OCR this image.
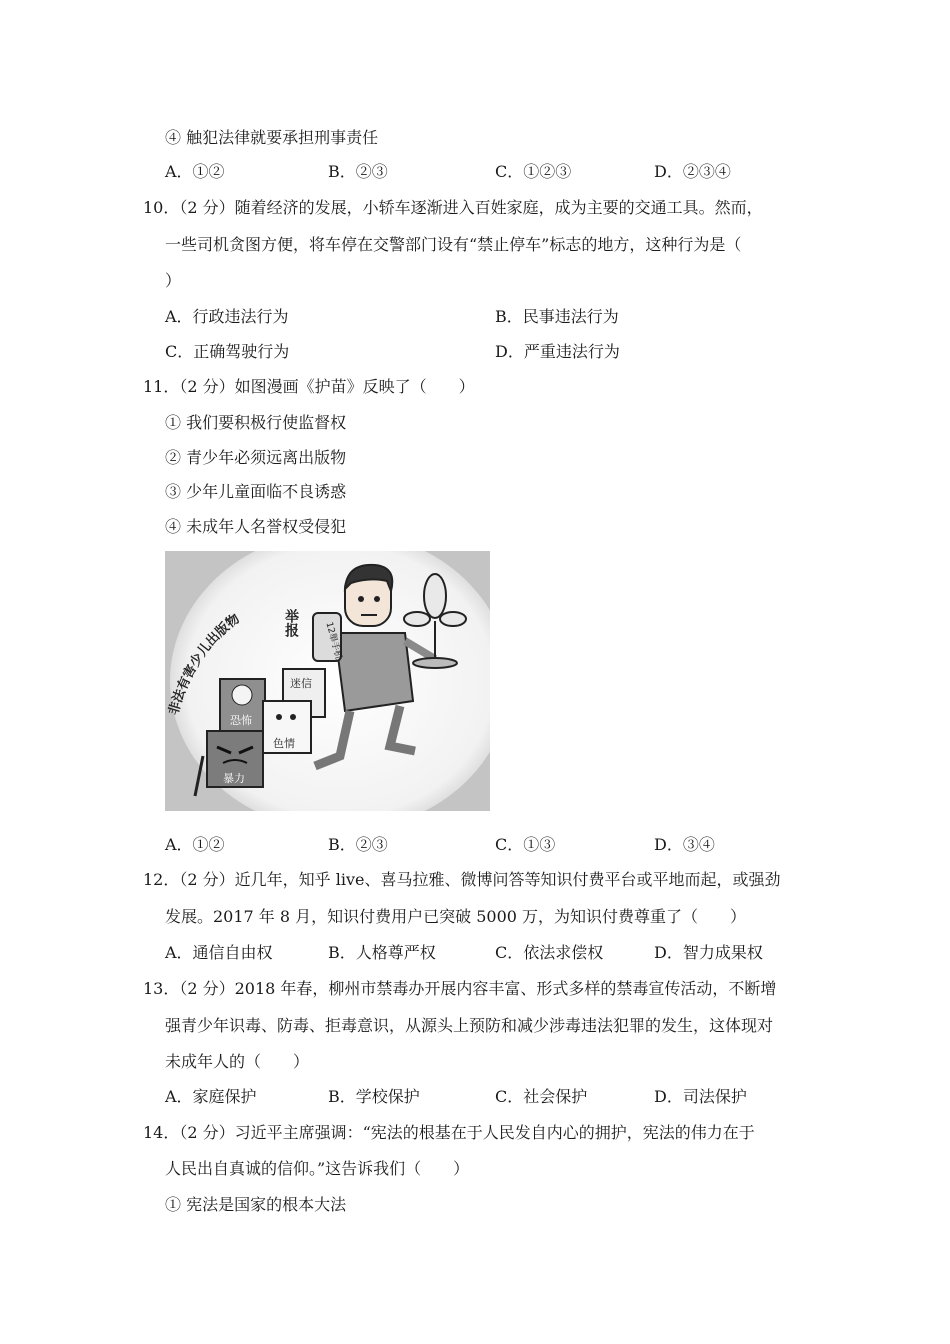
④ 触犯法律就要承担刑事责任
A．①②	B．②③	C．①②③	D．②③④
10．（2 分）随着经济的发展，小轿车逐渐进入百姓家庭，成为主要的交通工具。然而，
一些司机贪图方便，将车停在交警部门设有“禁止停车”标志的地方，这种行为是（
）
A．行政违法行为	B．民事违法行为
C．正确驾驶行为	D．严重违法行为
11．（2 分）如图漫画《护苗》反映了（　　）
① 我们要积极行使监督权
② 青少年必须远离出版物
③ 少年儿童面临不良诱惑
④ 未成年人名誉权受侵犯
非法有害少儿出版物	12舉手机
举报
恐怖
迷信
色情
暴力
A．①②	B．②③	C．①③	D．③④
12．（2 分）近几年，知乎 live、喜马拉雅、微博问答等知识付费平台或平地而起，或强劲
发展。2017 年 8 月，知识付费用户已突破 5000 万，为知识付费尊重了（　　）
A．通信自由权	B．人格尊严权	C．依法求偿权	D．智力成果权
13．（2 分）2018 年春，柳州市禁毒办开展内容丰富、形式多样的禁毒宣传活动，不断增
强青少年识毒、防毒、拒毒意识，从源头上预防和减少涉毒违法犯罪的发生，这体现对
未成年人的（　　）
A．家庭保护	B．学校保护	C．社会保护	D．司法保护
14．（2 分）习近平主席强调：“宪法的根基在于人民发自内心的拥护，宪法的伟力在于
人民出自真诚的信仰。”这告诉我们（　　）
① 宪法是国家的根本大法
